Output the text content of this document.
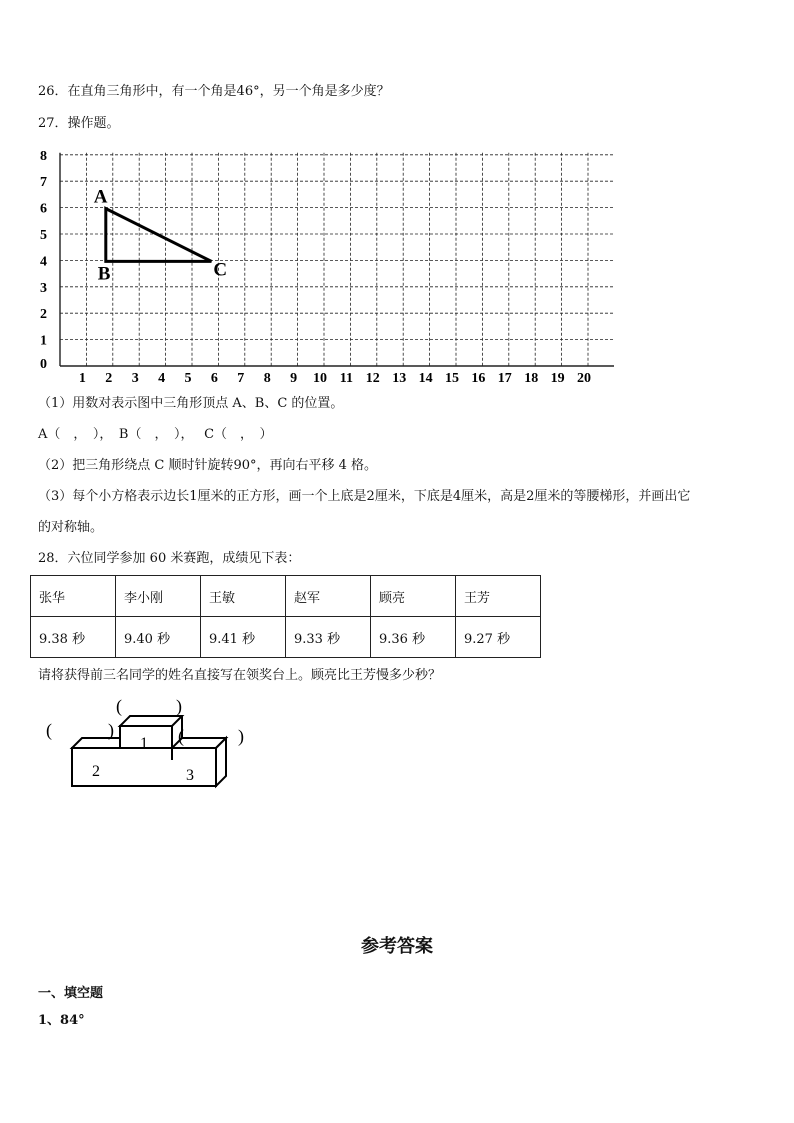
26．在直角三角形中，有一个角是46°，另一个角是多少度？
27．操作题。
1 2 3 4 5 6 7 8 9 10 11 12 13 14 15 16 17 18 19 20
0
1
2
3
4
5
6
7
8
A
B	C
（1）用数对表示图中三角形顶点 A、B、C 的位置。
A（　，　），　B（　，　），　 C（　，　）
（2）把三角形绕点 C 顺时针旋转90°，再向右平移 4 格。
（3）每个小方格表示边长1厘米的正方形，画一个上底是2厘米，下底是4厘米，高是2厘米的等腰梯形，并画出它
的对称轴。
28．六位同学参加 60 米赛跑，成绩见下表：
张华	李小刚	王敏	赵军	顾亮	王芳
9.38 秒	9.40 秒	9.41 秒	9.33 秒	9.36 秒	9.27 秒
请将获得前三名同学的姓名直接写在领奖台上。顾亮比王芳慢多少秒？
1
2	3
(	)
(	)	(	)
参考答案
一、填空题
1、84°
